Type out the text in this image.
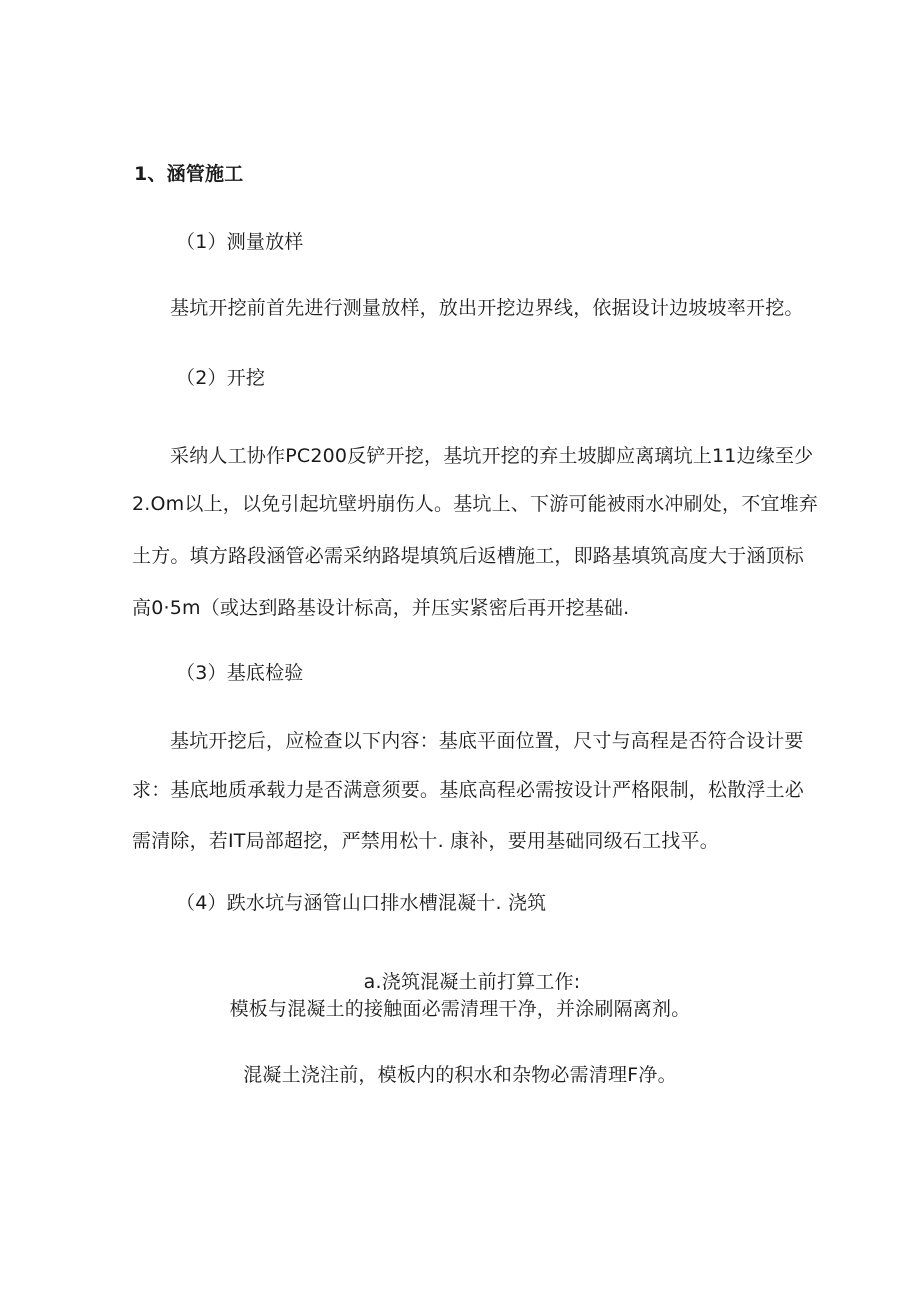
1、涵管施工
（1）测量放样
基坑开挖前首先进行测量放样，放出开挖边界线，依据设计边坡坡率开挖。
（2）开挖
采纳人工协作PC200反铲开挖，基坑开挖的弃土坡脚应离璃坑上11边缘至少
2.Om以上，以免引起坑壁坍崩伤人。基坑上、下游可能被雨水冲刷处，不宜堆弃
土方。填方路段涵管必需采纳路堤填筑后返槽施工，即路基填筑高度大于涵顶标
高0·5m（或达到路基设计标高，并压实紧密后再开挖基础.
（3）基底检验
基坑开挖后，应检查以下内容：基底平面位置，尺寸与高程是否符合设计要
求：基底地质承载力是否满意须要。基底高程必需按设计严格限制，松散浮土必
需清除，若IT局部超挖，严禁用松十. 康补，要用基础同级石工找平。
（4）跌水坑与涵管山口排水槽混凝十. 浇筑
a.浇筑混凝土前打算工作:
模板与混凝土的接触面必需清理干净，并涂刷隔离剂。
混凝土浇注前，模板内的积水和杂物必需清理F净。
